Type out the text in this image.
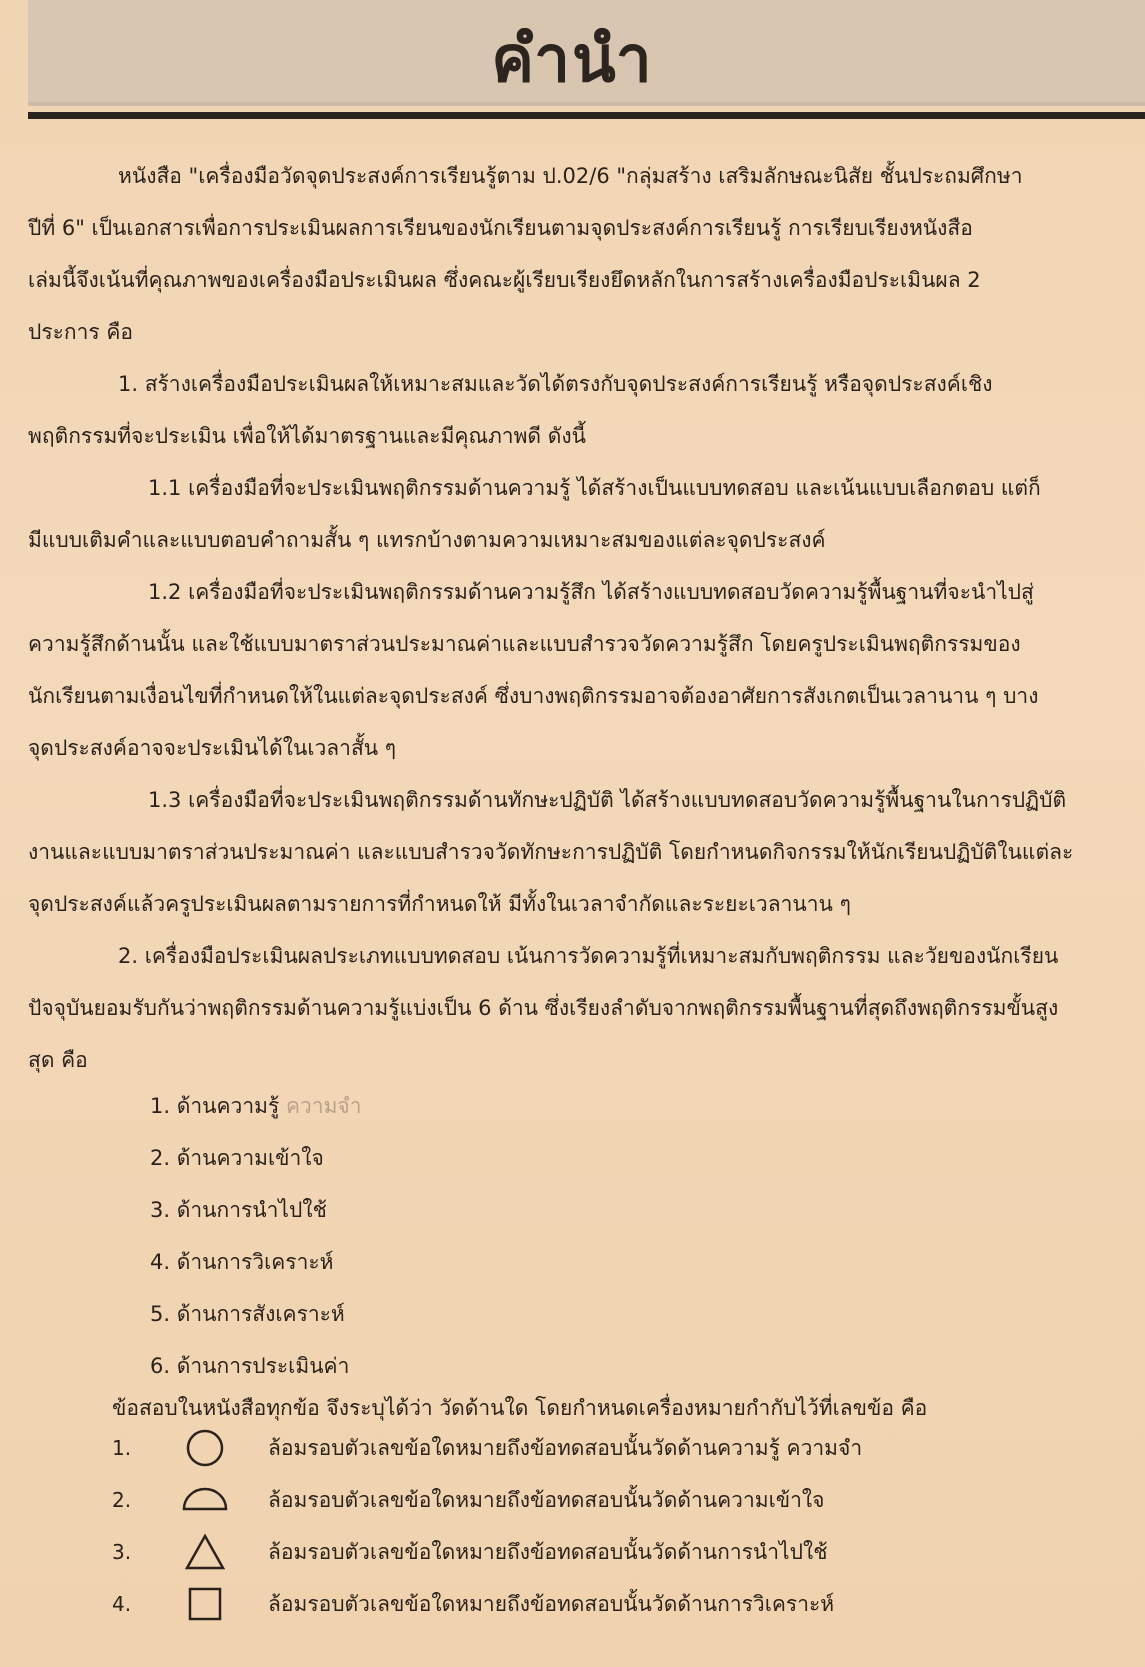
คำนำ

หนังสือ "เครื่องมือวัดจุดประสงค์การเรียนรู้ตาม ป.02/6 "กลุ่มสร้าง เสริมลักษณะนิสัย ชั้นประถมศึกษา
ปีที่ 6" เป็นเอกสารเพื่อการประเมินผลการเรียนของนักเรียนตามจุดประสงค์การเรียนรู้ การเรียบเรียงหนังสือ
เล่มนี้จึงเน้นที่คุณภาพของเครื่องมือประเมินผล ซึ่งคณะผู้เรียบเรียงยึดหลักในการสร้างเครื่องมือประเมินผล 2
ประการ คือ

1. สร้างเครื่องมือประเมินผลให้เหมาะสมและวัดได้ตรงกับจุดประสงค์การเรียนรู้ หรือจุดประสงค์เชิง
พฤติกรรมที่จะประเมิน เพื่อให้ได้มาตรฐานและมีคุณภาพดี ดังนี้

1.1 เครื่องมือที่จะประเมินพฤติกรรมด้านความรู้ ได้สร้างเป็นแบบทดสอบ และเน้นแบบเลือกตอบ แต่ก็
มีแบบเติมคำและแบบตอบคำถามสั้น ๆ แทรกบ้างตามความเหมาะสมของแต่ละจุดประสงค์

1.2 เครื่องมือที่จะประเมินพฤติกรรมด้านความรู้สึก ได้สร้างแบบทดสอบวัดความรู้พื้นฐานที่จะนำไปสู่
ความรู้สึกด้านนั้น และใช้แบบมาตราส่วนประมาณค่าและแบบสำรวจวัดความรู้สึก โดยครูประเมินพฤติกรรมของ
นักเรียนตามเงื่อนไขที่กำหนดให้ในแต่ละจุดประสงค์ ซึ่งบางพฤติกรรมอาจต้องอาศัยการสังเกตเป็นเวลานาน ๆ บาง
จุดประสงค์อาจจะประเมินได้ในเวลาสั้น ๆ

1.3 เครื่องมือที่จะประเมินพฤติกรรมด้านทักษะปฏิบัติ ได้สร้างแบบทดสอบวัดความรู้พื้นฐานในการปฏิบัติ
งานและแบบมาตราส่วนประมาณค่า และแบบสำรวจวัดทักษะการปฏิบัติ โดยกำหนดกิจกรรมให้นักเรียนปฏิบัติในแต่ละ
จุดประสงค์แล้วครูประเมินผลตามรายการที่กำหนดให้ มีทั้งในเวลาจำกัดและระยะเวลานาน ๆ

2. เครื่องมือประเมินผลประเภทแบบทดสอบ เน้นการวัดความรู้ที่เหมาะสมกับพฤติกรรม และวัยของนักเรียน
ปัจจุบันยอมรับกันว่าพฤติกรรมด้านความรู้แบ่งเป็น 6 ด้าน ซึ่งเรียงลำดับจากพฤติกรรมพื้นฐานที่สุดถึงพฤติกรรมขั้นสูง
สุด คือ

1. ด้านความรู้ ความจำ
2. ด้านความเข้าใจ
3. ด้านการนำไปใช้
4. ด้านการวิเคราะห์
5. ด้านการสังเคราะห์
6. ด้านการประเมินค่า
ข้อสอบในหนังสือทุกข้อ จึงระบุได้ว่า วัดด้านใด โดยกำหนดเครื่องหมายกำกับไว้ที่เลขข้อ คือ
1.	ล้อมรอบตัวเลขข้อใดหมายถึงข้อทดสอบนั้นวัดด้านความรู้ ความจำ
2.	ล้อมรอบตัวเลขข้อใดหมายถึงข้อทดสอบนั้นวัดด้านความเข้าใจ
3.	ล้อมรอบตัวเลขข้อใดหมายถึงข้อทดสอบนั้นวัดด้านการนำไปใช้
4.	ล้อมรอบตัวเลขข้อใดหมายถึงข้อทดสอบนั้นวัดด้านการวิเคราะห์
